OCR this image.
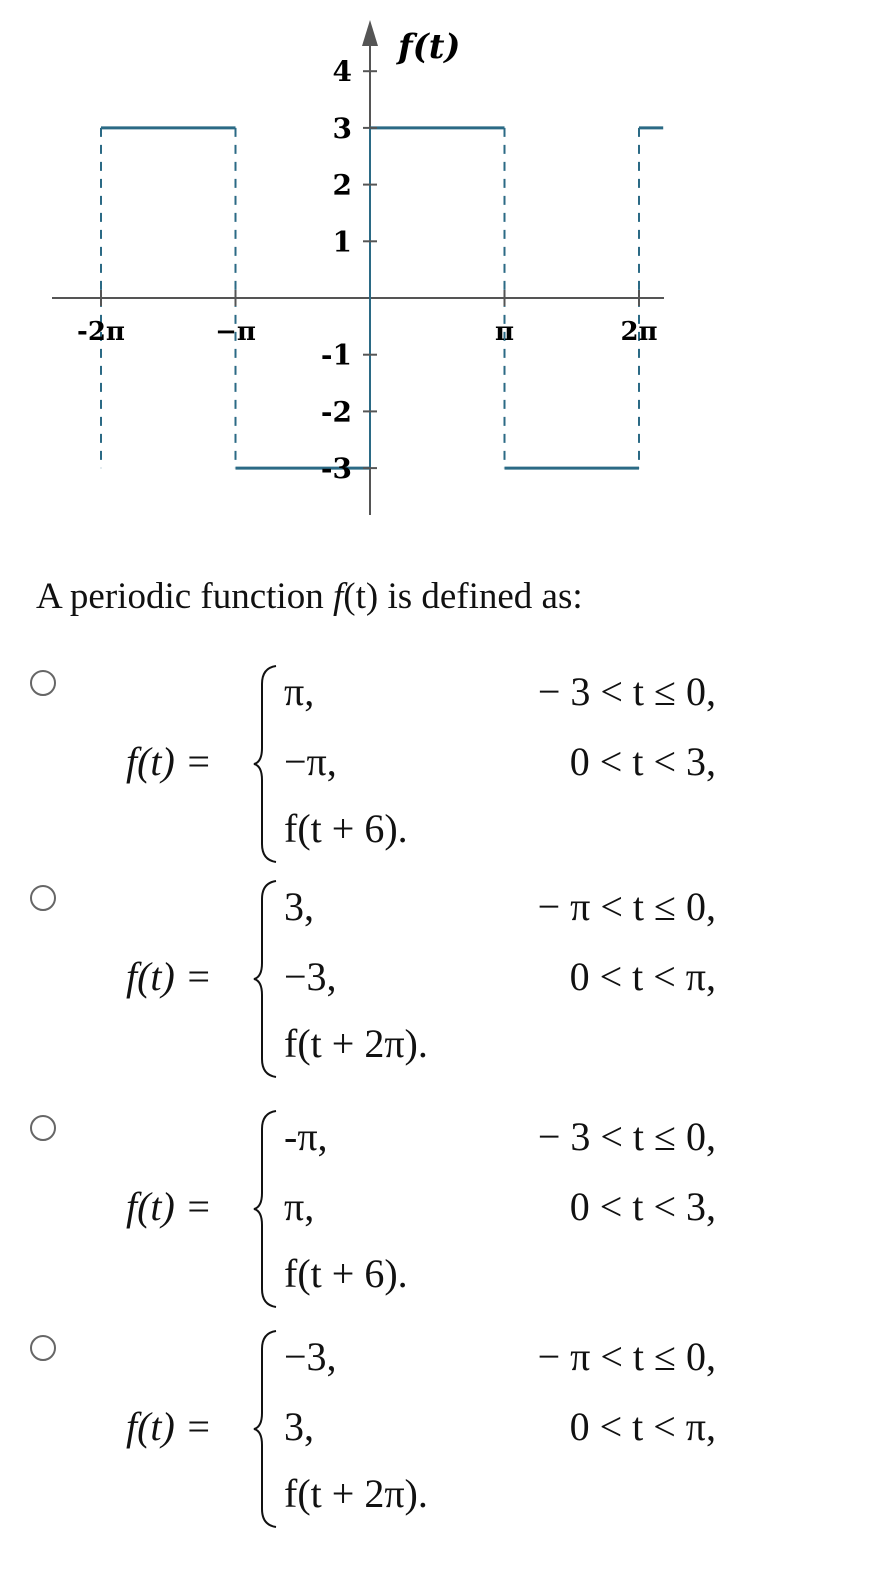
f(t)
-2π	−π	π	2π
4
3
2
1
-1
-2
-3
A periodic function f(t) is defined as:
f(t) =
π,	− 3 < t ≤ 0,
−π,	0 < t < 3,
f(t + 6).
f(t) =
3,	− π < t ≤ 0,
−3,	0 < t < π,
f(t + 2π).
f(t) =
-π,	− 3 < t ≤ 0,
π,	0 < t < 3,
f(t + 6).
f(t) =
−3,	− π < t ≤ 0,
3,	0 < t < π,
f(t + 2π).
